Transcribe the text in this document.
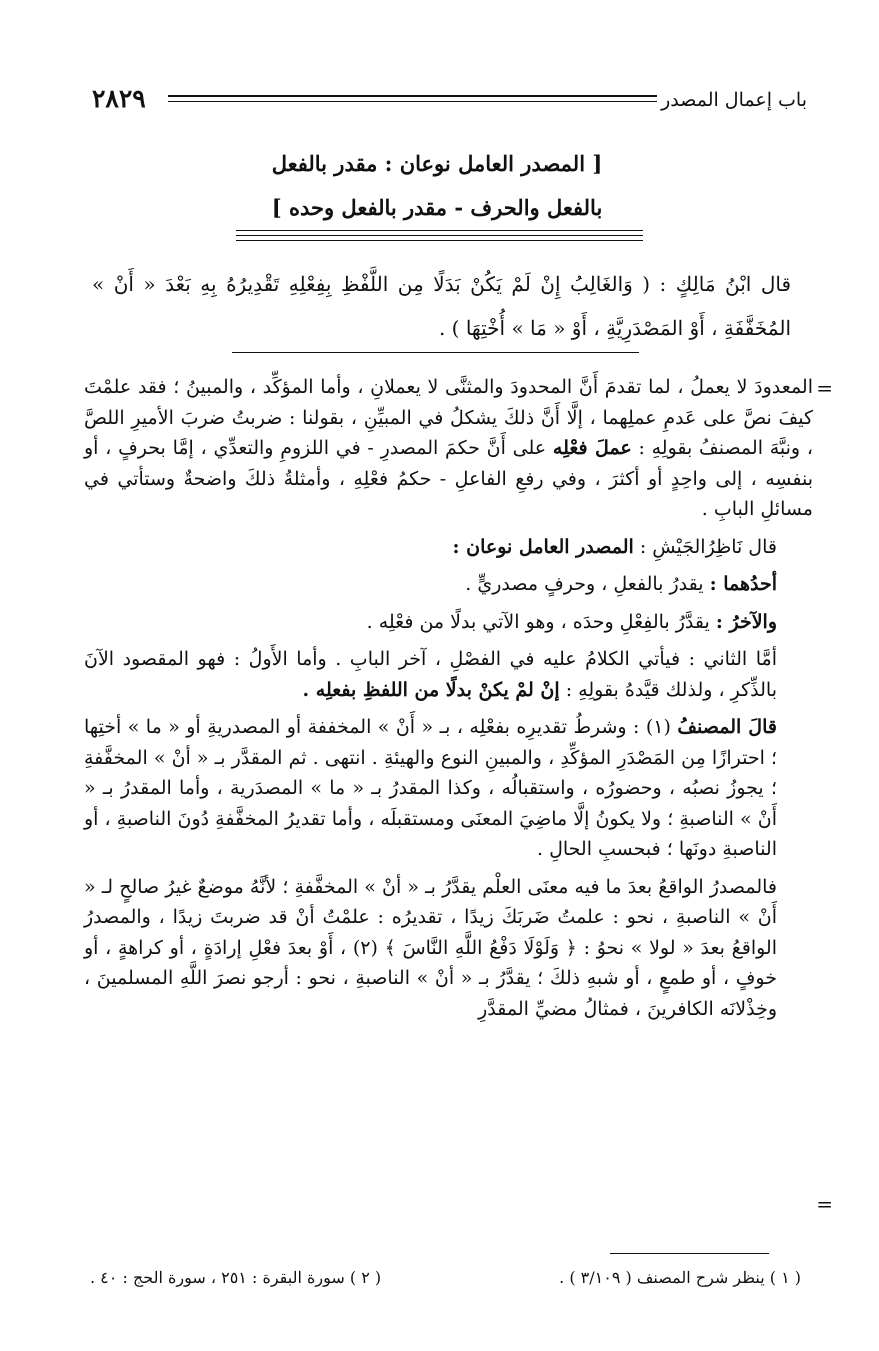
باب إعمال المصدر
٢٨٢٩
[ المصدر العامل نوعان : مقدر بالفعل
بالفعل والحرف - مقدر بالفعل وحده ]
قال ابْنُ مَالِكٍ : ( وَالغَالِبُ إِنْ لَمْ يَكُنْ بَدَلًا مِن اللَّفْظِ بِفِعْلِهِ تَقْدِيرُهُ بِهِ بَعْدَ « أَنْ » المُخَفَّفَةِ ، أَوْ المَصْدَرِيَّةِ ، أَوْ « مَا » أُخْتِهَا ) .
=
=

المعدودَ لا يعملُ ، لما تقدمَ أَنَّ المحدودَ والمثنَّى لا يعملانِ ، وأما المؤكِّد ، والمبينُ ؛ فقد علمْتَ كيفَ نصَّ على عَدمِ عملِهما ، إلَّا أَنَّ ذلكَ يشكلُ في المبيِّنِ ، بقولنا : ضربتُ ضربَ الأميرِ اللصَّ ، ونبَّهَ المصنفُ بقولِهِ : عملَ فعْلِه على أَنَّ حكمَ المصدرِ - في اللزومِ والتعدِّي ، إمَّا بحرفٍ ، أو بنفسِه ، إلى واحِدٍ أو أكثرَ ، وفي رفعِ الفاعلِ - حكمُ فعْلِهِ ، وأمثلةُ ذلكَ واضحةٌ وستأتي في مسائلِ البابِ .

قال نَاظِرُالجَيْشِ : المصدر العامل نوعان :

أحدُهما : يقدرُ بالفعلِ ، وحرفٍ مصدريٍّ .

والآخرُ : يقدَّرُ بالفِعْلِ وحدَه ، وهو الآتي بدلًا من فعْلِه .

أمَّا الثاني : فيأتي الكلامُ عليه في الفصْلِ ، آخر البابِ . وأما الأَولُ : فهو المقصود الآنَ بالذِّكرِ ، ولذلك قيَّدهُ بقولِهِ : إنْ لمْ يكنْ بدلًا من اللفظِ بفعلِه .

قالَ المصنفُ (١) : وشرطُ تقديرِه بفعْلِه ، بـ « أَنْ » المخففة أو المصدريةِ أو « ما » أختِها ؛ احترازًا مِن المَصْدَرِ المؤكِّدِ ، والمبينِ النوع والهيئةِ . انتهى . ثم المقدَّر بـ « أنْ » المخفَّفةِ ؛ يجوزُ نصبُه ، وحضورُه ، واستقبالُه ، وكذا المقدرُ بـ « ما » المصدَرية ، وأما المقدرُ بـ « أَنْ » الناصبةِ ؛ ولا يكونُ إلَّا ماضِيَ المعنَى ومستقبلَه ، وأما تقديرُ المخفَّفةِ دُونَ الناصبةِ ، أو الناصبةِ دونَها ؛ فبحسبِ الحالِ .

فالمصدرُ الواقعُ بعدَ ما فيه معنَى العلْم يقدَّرُ بـ « أنْ » المخفَّفةِ ؛ لأنَّهُ موضعٌ غيرُ صالحٍ لـ « أَنْ » الناصبةِ ، نحو : علمتُ ضَربَكَ زيدًا ، تقديرُه : علمْتُ أنْ قد ضربتَ زيدًا ، والمصدرُ الواقعُ بعدَ « لولا » نحوُ : ﴿ وَلَوْلَا دَفْعُ اللَّهِ النَّاسَ ﴾ (٢) ، أَوْ بعدَ فعْلِ إرادَةٍ ، أو كراهةٍ ، أو خوفٍ ، أو طمعٍ ، أو شبهِ ذلكَ ؛ يقدَّرُ بـ « أنْ » الناصبةِ ، نحو : أرجو نصرَ اللَّهِ المسلمينَ ، وخِذْلانَه الكافرينَ ، فمثالُ مضيِّ المقدَّرِ

( ١ ) ينظر شرح المصنف ( ٣/١٠٩ ) .
( ٢ ) سورة البقرة : ٢٥١ ، سورة الحج : ٤٠ .
